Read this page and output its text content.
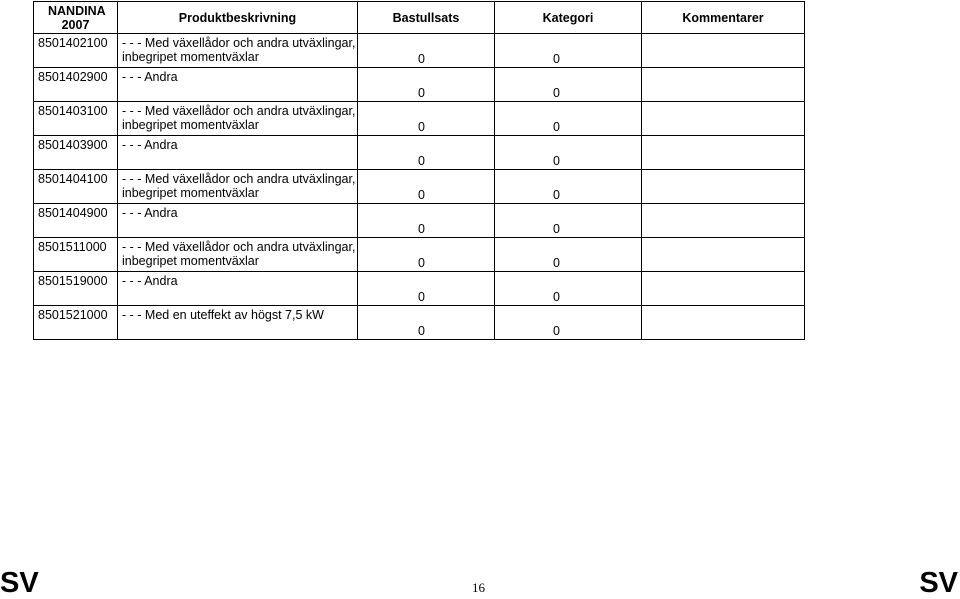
NANDINA 2007	Produktbeskrivning	Bastullsats	Kategori	Kommentarer
8501402100	- - - Med växellådor och andra utväxlingar, inbegripet momentväxlar	0	0	

8501402900	- - - Andra	0	0	

8501403100	- - - Med växellådor och andra utväxlingar, inbegripet momentväxlar	0	0	

8501403900	- - - Andra	0	0	

8501404100	- - - Med växellådor och andra utväxlingar, inbegripet momentväxlar	0	0	

8501404900	- - - Andra	0	0	

8501511000	- - - Med växellådor och andra utväxlingar, inbegripet momentväxlar	0	0	

8501519000	- - - Andra	0	0	

8501521000	- - - Med en uteffekt av högst 7,5 kW	0	0	

SV	16	SV
